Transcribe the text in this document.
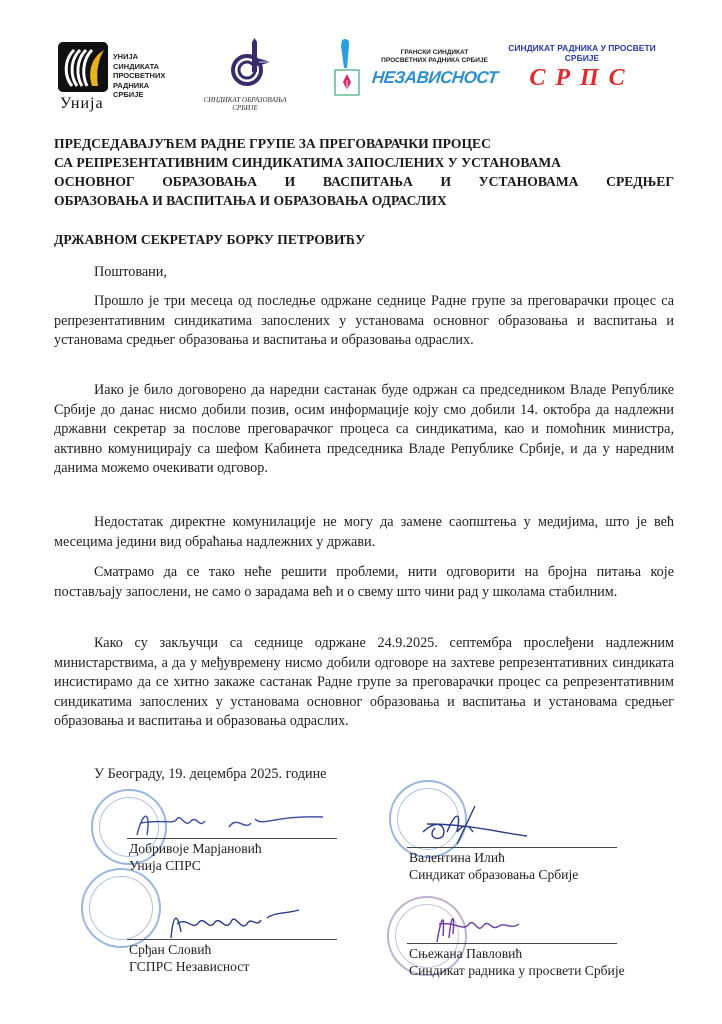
Унија
УНИЈА
СИНДИКАТА
ПРОСВЕТНИХ
РАДНИКА
СРБИЈЕ
СИНДИКАТ ОБРАЗОВАЊА
СРБИЈЕ
ГРАНСКИ СИНДИКАТ
ПРОСВЕТНИХ РАДНИКА СРБИЈЕ
НЕЗАВИСНОСТ
СИНДИКАТ РАДНИКА У ПРОСВЕТИ
СРБИЈЕ
СРПС
ПРЕДСЕДАВАЈУЋЕМ РАДНЕ ГРУПЕ ЗА ПРЕГОВАРАЧКИ ПРОЦЕС
СА РЕПРЕЗЕНТАТИВНИМ СИНДИКАТИМА ЗАПОСЛЕНИХ У УСТАНОВАМА
ОСНОВНОГ ОБРАЗОВАЊА И ВАСПИТАЊА И УСТАНОВАМА СРЕДЊЕГ
ОБРАЗОВАЊА И ВАСПИТАЊА И ОБРАЗОВАЊА ОДРАСЛИХ
ДРЖАВНОМ СЕКРЕТАРУ БОРКУ ПЕТРОВИЋУ
Поштовани,
Прошло је три месеца од последње одржане седнице Радне групе за преговарачки процес са репрезентативним синдикатима запослених у установама основног образовања и васпитања и установама средњег образовања и васпитања и образовања одраслих.
Иако је било договорено да наредни састанак буде одржан са председником Владе Републике Србије до данас нисмо добили позив, осим информације коју смо добили 14. октобра да надлежни државни секретар за послове преговарачког процеса са синдикатима, као и помоћник министра, активно комуницирају са шефом Кабинета председника Владе Републике Србије, и да у наредним данима можемо очекивати одговор.
Недостатак директне комунилације не могу да замене саопштења у медијима, што је већ месецима једини вид обраћања надлежних у држави.
Сматрамо да се тако неће решити проблеми, нити одговорити на бројна питања које постављају запослени, не само о зарадама већ и о свему што чини рад у школама стабилним.
Како су закључци са седнице одржане 24.9.2025. септембра прослеђени надлежним министарствима, а да у међувремену нисмо добили одговоре на захтеве репрезентативних синдиката инсистирамо да се хитно закаже састанак Радне групе за преговарачки процес са репрезентативним синдикатима запослених у установама основног образовања и васпитања и установама средњег образовања и васпитања и образовања одраслих.
У Београду, 19. децембра 2025. године
Добривоје Марјановић
Унија СПРС
Валентина Илић
Синдикат образовања Србије
Срђан Словић
ГСПРС Независност
Сњежана Павловић
Синдикат радника у просвети Србије
